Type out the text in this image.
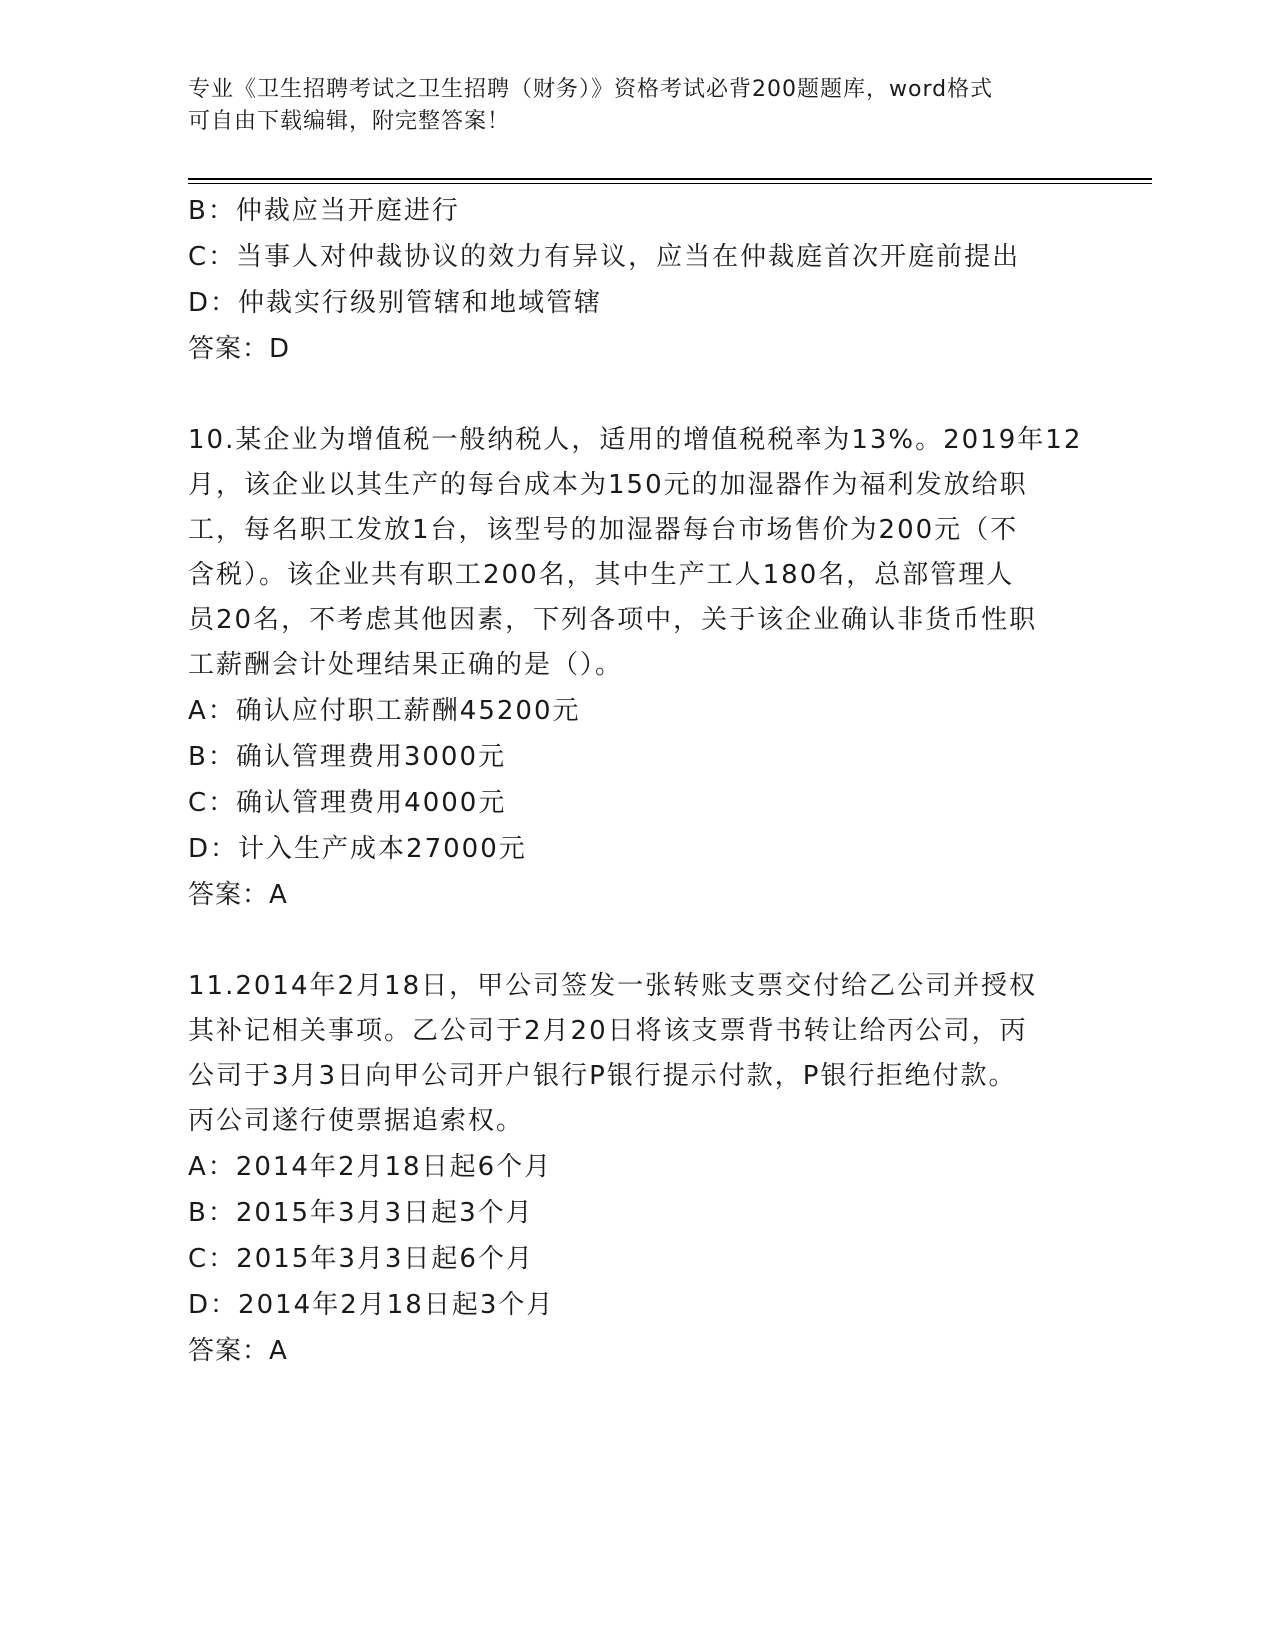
专业《卫生招聘考试之卫生招聘（财务）》资格考试必背200题题库，word格式
可自由下载编辑，附完整答案！
B：仲裁应当开庭进行
C：当事人对仲裁协议的效力有异议，应当在仲裁庭首次开庭前提出
D：仲裁实行级别管辖和地域管辖
答案：D
10.某企业为增值税一般纳税人，适用的增值税税率为13%。2019年12
月，该企业以其生产的每台成本为150元的加湿器作为福利发放给职
工，每名职工发放1台，该型号的加湿器每台市场售价为200元（不
含税）。该企业共有职工200名，其中生产工人180名，总部管理人
员20名，不考虑其他因素，下列各项中，关于该企业确认非货币性职
工薪酬会计处理结果正确的是（）。
A：确认应付职工薪酬45200元
B：确认管理费用3000元
C：确认管理费用4000元
D：计入生产成本27000元
答案：A
11.2014年2月18日，甲公司签发一张转账支票交付给乙公司并授权
其补记相关事项。乙公司于2月20日将该支票背书转让给丙公司，丙
公司于3月3日向甲公司开户银行P银行提示付款，P银行拒绝付款。
丙公司遂行使票据追索权。
A：2014年2月18日起6个月
B：2015年3月3日起3个月
C：2015年3月3日起6个月
D：2014年2月18日起3个月
答案：A
